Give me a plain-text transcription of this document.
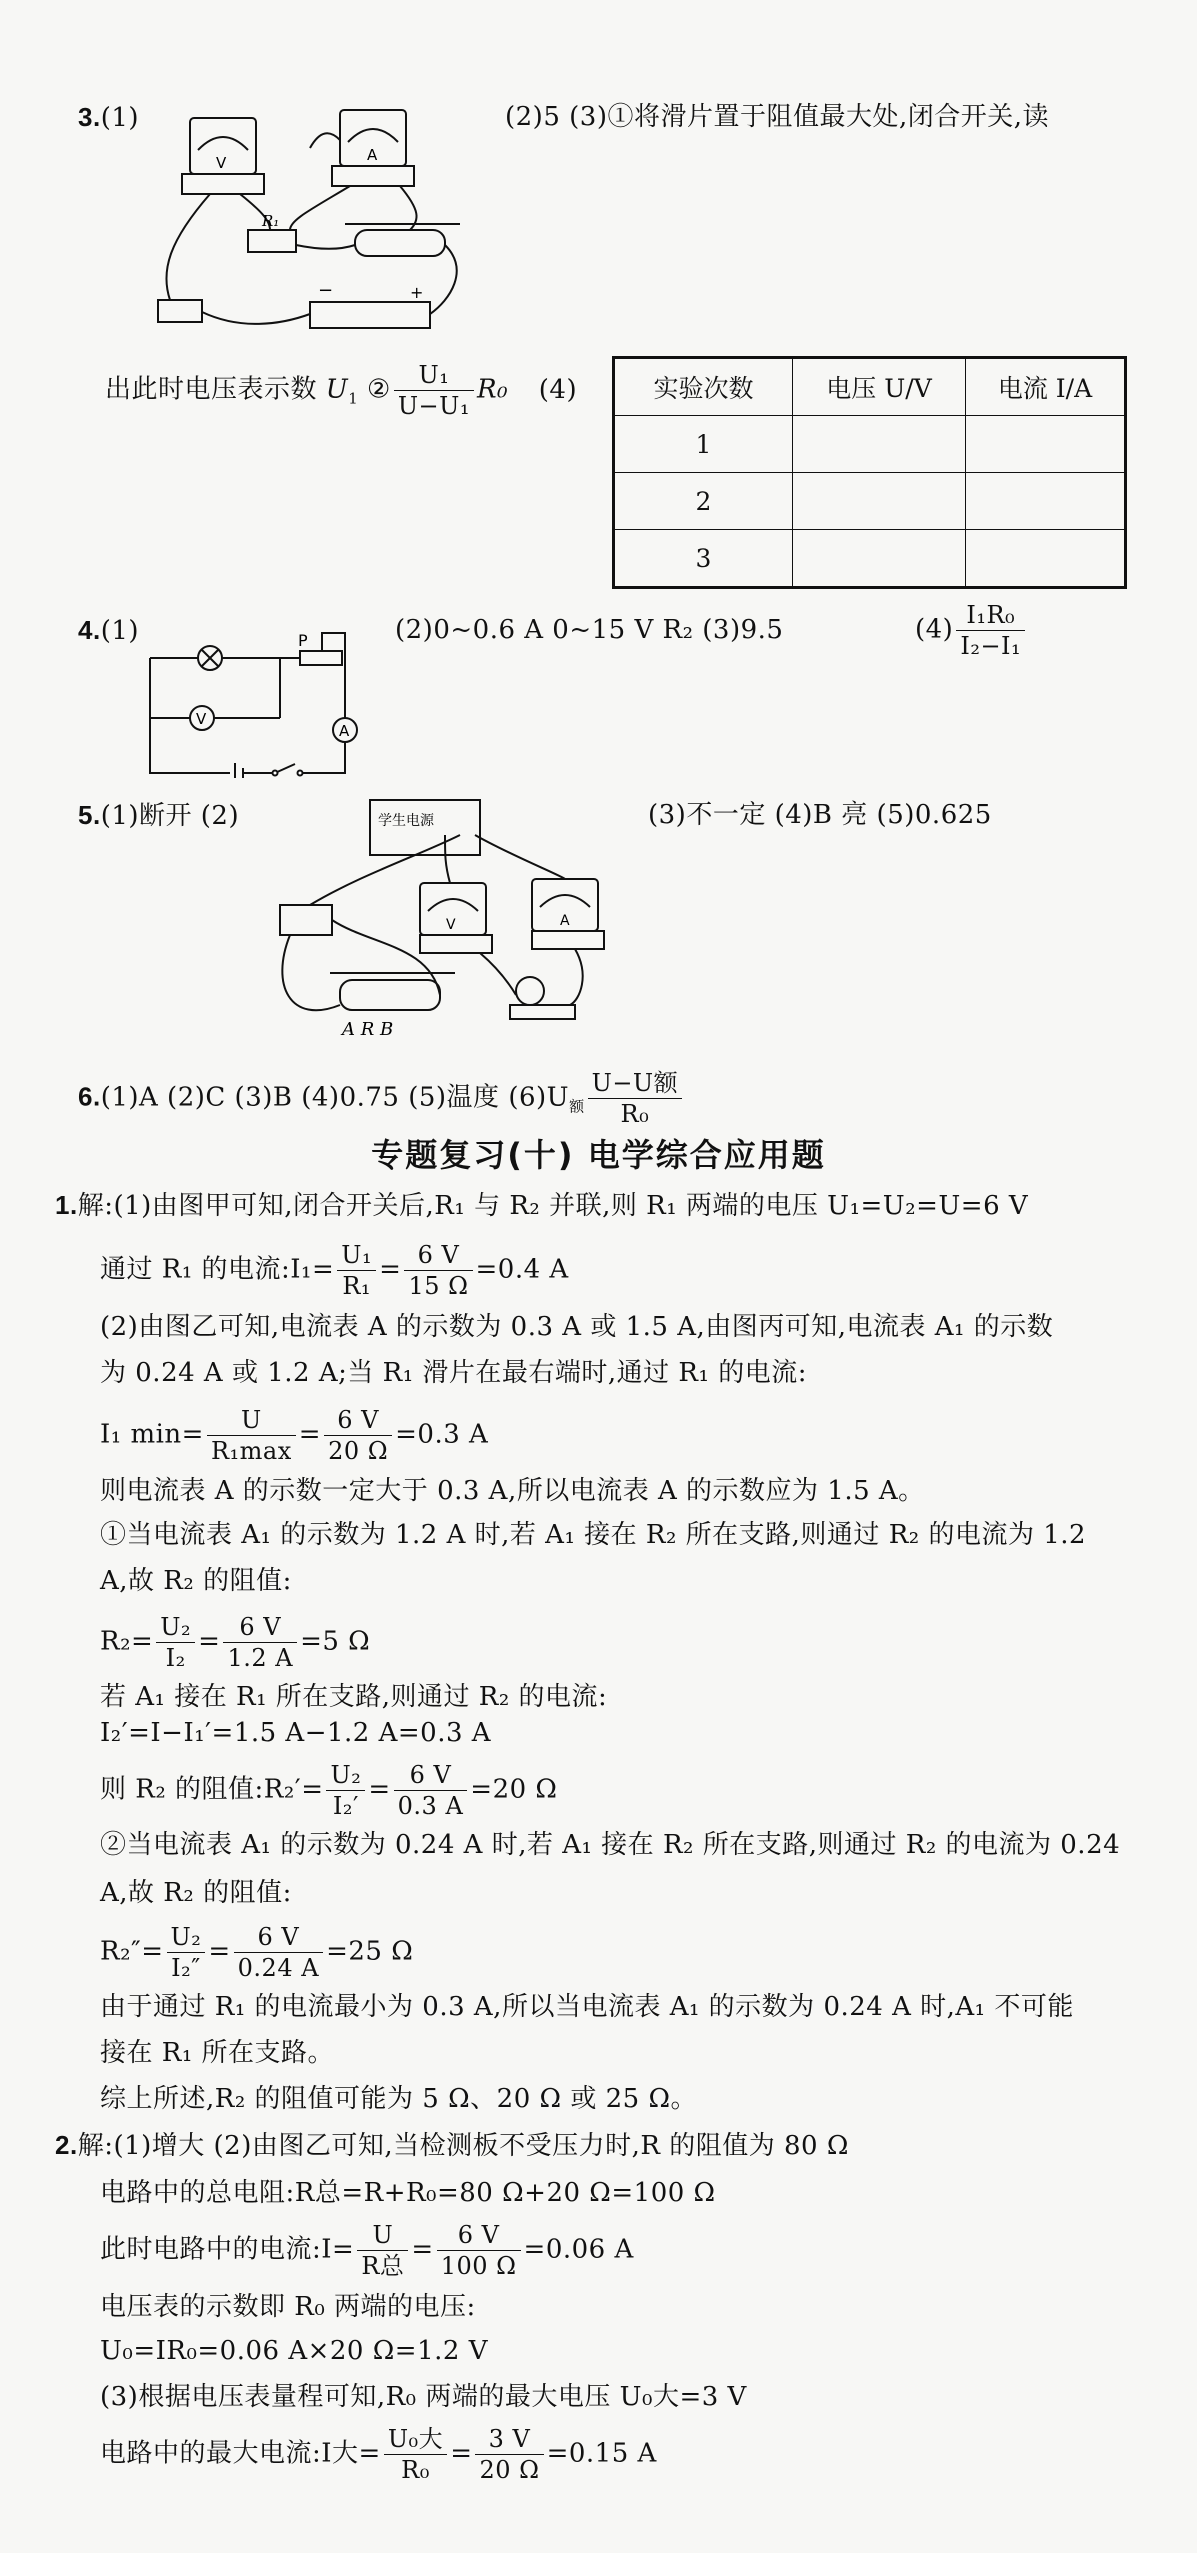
3.(1)	(2)5 (3)①将滑片置于阻值最大处,闭合开关,读
V	A
R₁
−	+
出此时电压表示数 $U_1$ ② $\frac{\text{U₁}}{\text{U−U₁}} R_0$ (4)	实验次数	电压 U/V	电流 I/A
1		
2		
3		
4.(1)	P
V
A
(2)0~0.6 A 0~15 V R₂ (3)9.5	$(4) \frac{\text{I₁R₀}}{\text{I₂−I₁}}$
5.(1)断开 (2)	(3)不一定 (4)B 亮 (5)0.625
学生电源
V	A
A R B
6.(1)A (2)C (3)B (4)0.75 (5)温度 $(6)U_额$
U−U额
R₀
专题复习(十) 电学综合应用题
1.解:(1)由图甲可知,闭合开关后,R₁ 与 R₂ 并联,则 R₁ 两端的电压 U₁=U₂=U=6 V
通过 R₁ 的电流:I₁= $\frac{\text{U₁}}{\text{R₁}} = \frac{6 V}{15 \Omega} =0.4$ A
(2)由图乙可知,电流表 A 的示数为 0.3 A 或 1.5 A,由图丙可知,电流表 A₁ 的示数
为 0.24 A 或 1.2 A;当 R₁ 滑片在最右端时,通过 R₁ 的电流:
I₁ min=	U
R₁max
= $\frac{6 V}{20 \Omega} =0.3$ A
则电流表 A 的示数一定大于 0.3 A,所以电流表 A 的示数应为 1.5 A。
①当电流表 A₁ 的示数为 1.2 A 时,若 A₁ 接在 R₂ 所在支路,则通过 R₂ 的电流为 1.2
A,故 R₂ 的阻值:
$R_2= \frac{\text{U₂}}{\text{I₂}} = \frac{6 V}{1.2 A} =5$ Ω
若 A₁ 接在 R₁ 所在支路,则通过 R₂ 的电流:
I₂′=I−I₁′=1.5 A−1.2 A=0.3 A
则 R₂ 的阻值:R₂′= $\frac{\text{U₂}}{\text{I₂′}} = \frac{6 V}{0.3 A} =20$ Ω
②当电流表 A₁ 的示数为 0.24 A 时,若 A₁ 接在 R₂ 所在支路,则通过 R₂ 的电流为 0.24
A,故 R₂ 的阻值:
$R_2''= \frac{\text{U₂}}{\text{I₂″}} = \frac{6 V}{0.24 A} =25$ Ω
由于通过 R₁ 的电流最小为 0.3 A,所以当电流表 A₁ 的示数为 0.24 A 时,A₁ 不可能
接在 R₁ 所在支路。
综上所述,R₂ 的阻值可能为 5 Ω、20 Ω 或 25 Ω。
2.解:(1)增大 (2)由图乙可知,当检测板不受压力时,R 的阻值为 80 Ω
电路中的总电阻:R总=R+R₀=80 Ω+20 Ω=100 Ω
此时电路中的电流:I= U
R总
= $\frac{6 V}{100 \Omega} =0.06$ A
电压表的示数即 R₀ 两端的电压:
U₀=IR₀=0.06 A×20 Ω=1.2 V
(3)根据电压表量程可知,R₀ 两端的最大电压 U₀大=3 V
电路中的最大电流:I大= U₀大
R₀
= $\frac{3 V}{20 \Omega} =0.15$ A
